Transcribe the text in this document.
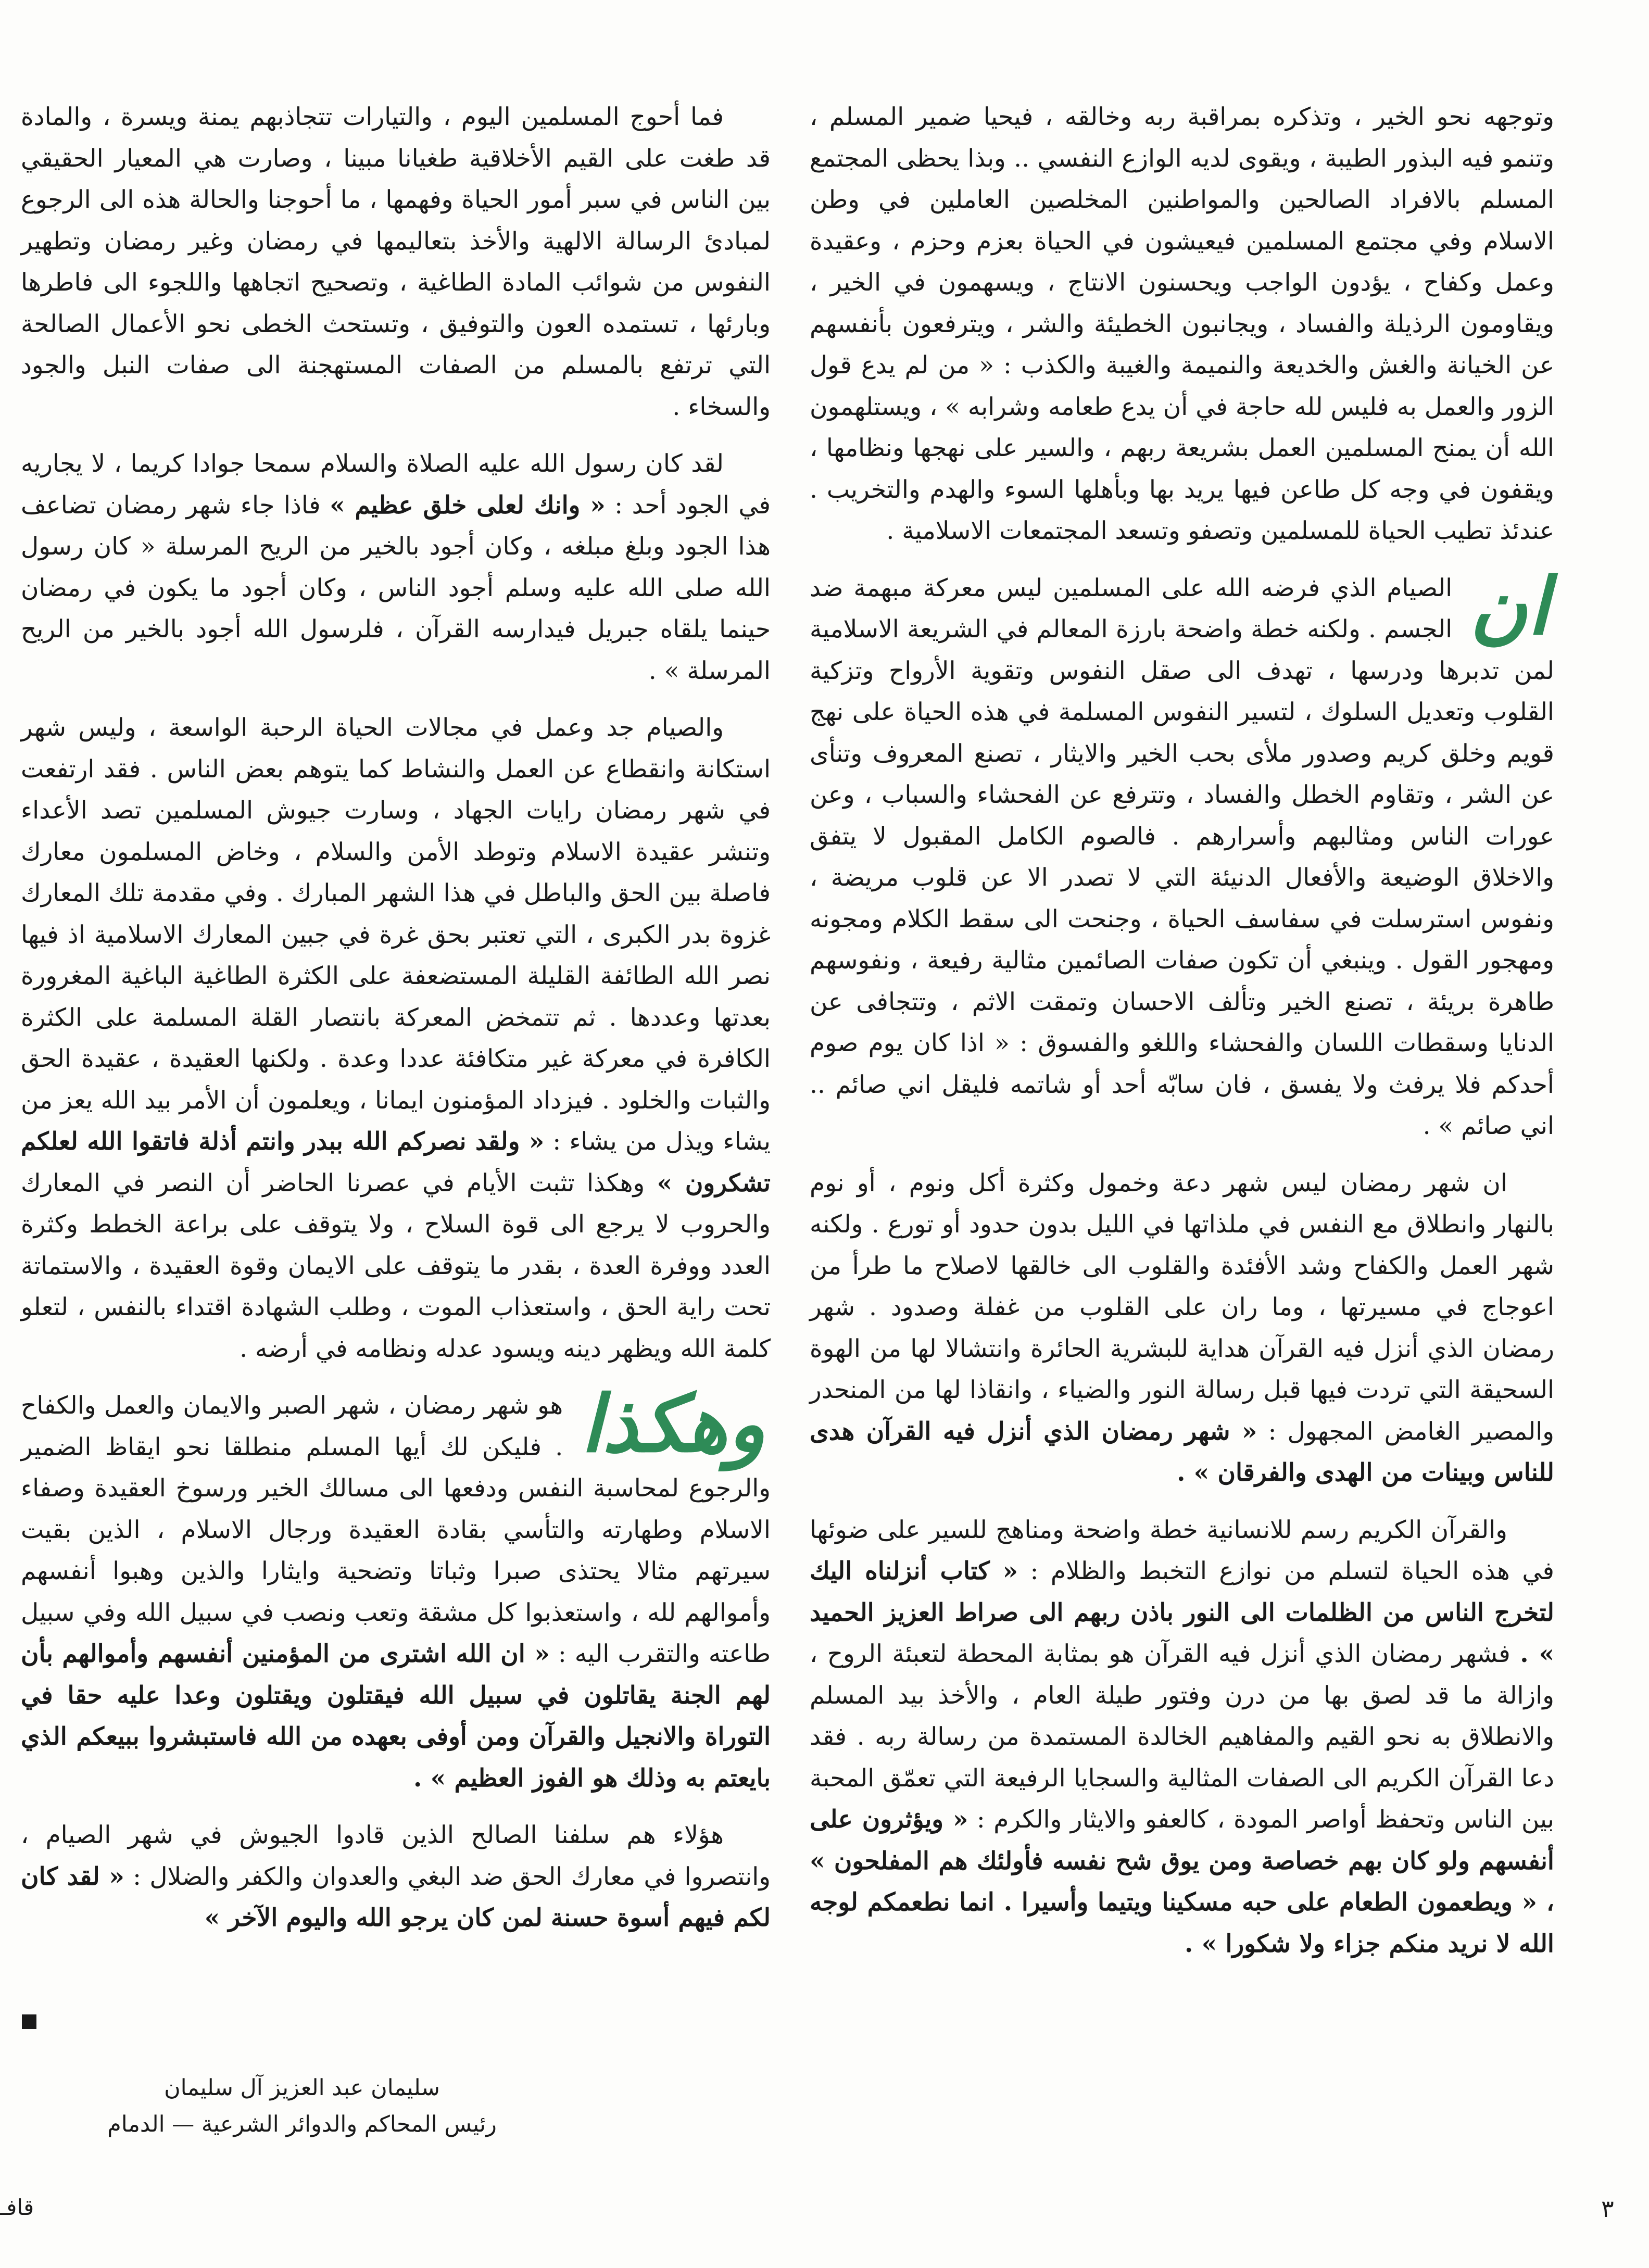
وتوجهه نحو الخير ، وتذكره بمراقبة ربه وخالقه ، فيحيا ضمير المسلم ، وتنمو فيه البذور الطيبة ، ويقوى لديه الوازع النفسي .. وبذا يحظى المجتمع المسلم بالافراد الصالحين والمواطنين المخلصين العاملين في وطن الاسلام وفي مجتمع المسلمين فيعيشون في الحياة بعزم وحزم ، وعقيدة وعمل وكفاح ، يؤدون الواجب ويحسنون الانتاج ، ويسهمون في الخير ، ويقاومون الرذيلة والفساد ، ويجانبون الخطيئة والشر ، ويترفعون بأنفسهم عن الخيانة والغش والخديعة والنميمة والغيبة والكذب : « من لم يدع قول الزور والعمل به فليس لله حاجة في أن يدع طعامه وشرابه » ، ويستلهمون الله أن يمنح المسلمين العمل بشريعة ربهم ، والسير على نهجها ونظامها ، ويقفون في وجه كل طاعن فيها يريد بها وبأهلها السوء والهدم والتخريب . عندئذ تطيب الحياة للمسلمين وتصفو وتسعد المجتمعات الاسلامية .

ان
الصيام الذي فرضه الله على المسلمين ليس معركة مبهمة ضد الجسم . ولكنه خطة واضحة بارزة المعالم في الشريعة الاسلامية لمن تدبرها ودرسها ، تهدف الى صقل النفوس وتقوية الأرواح وتزكية القلوب وتعديل السلوك ، لتسير النفوس المسلمة في هذه الحياة على نهج قويم وخلق كريم وصدور ملأى بحب الخير والايثار ، تصنع المعروف وتنأى عن الشر ، وتقاوم الخطل والفساد ، وتترفع عن الفحشاء والسباب ، وعن عورات الناس ومثالبهم وأسرارهم . فالصوم الكامل المقبول لا يتفق والاخلاق الوضيعة والأفعال الدنيئة التي لا تصدر الا عن قلوب مريضة ، ونفوس استرسلت في سفاسف الحياة ، وجنحت الى سقط الكلام ومجونه ومهجور القول . وينبغي أن تكون صفات الصائمين مثالية رفيعة ، ونفوسهم طاهرة بريئة ، تصنع الخير وتألف الاحسان وتمقت الاثم ، وتتجافى عن الدنايا وسقطات اللسان والفحشاء واللغو والفسوق : « اذا كان يوم صوم أحدكم فلا يرفث ولا يفسق ، فان سابّه أحد أو شاتمه فليقل اني صائم .. اني صائم » .

ان شهر رمضان ليس شهر دعة وخمول وكثرة أكل ونوم ، أو نوم بالنهار وانطلاق مع النفس في ملذاتها في الليل بدون حدود أو تورع . ولكنه شهر العمل والكفاح وشد الأفئدة والقلوب الى خالقها لاصلاح ما طرأ من اعوجاج في مسيرتها ، وما ران على القلوب من غفلة وصدود . شهر رمضان الذي أنزل فيه القرآن هداية للبشرية الحائرة وانتشالا لها من الهوة السحيقة التي تردت فيها قبل رسالة النور والضياء ، وانقاذا لها من المنحدر والمصير الغامض المجهول : « شهر رمضان الذي أنزل فيه القرآن هدى للناس وبينات من الهدى والفرقان » .

والقرآن الكريم رسم للانسانية خطة واضحة ومناهج للسير على ضوئها في هذه الحياة لتسلم من نوازع التخبط والظلام : « كتاب أنزلناه اليك لتخرج الناس من الظلمات الى النور باذن ربهم الى صراط العزيز الحميد » . فشهر رمضان الذي أنزل فيه القرآن هو بمثابة المحطة لتعبئة الروح ، وازالة ما قد لصق بها من درن وفتور طيلة العام ، والأخذ بيد المسلم والانطلاق به نحو القيم والمفاهيم الخالدة المستمدة من رسالة ربه . فقد دعا القرآن الكريم الى الصفات المثالية والسجايا الرفيعة التي تعمّق المحبة بين الناس وتحفظ أواصر المودة ، كالعفو والايثار والكرم : « ويؤثرون على أنفسهم ولو كان بهم خصاصة ومن يوق شح نفسه فأولئك هم المفلحون » ، « ويطعمون الطعام على حبه مسكينا ويتيما وأسيرا . انما نطعمكم لوجه الله لا نريد منكم جزاء ولا شكورا » .

فما أحوج المسلمين اليوم ، والتيارات تتجاذبهم يمنة ويسرة ، والمادة قد طغت على القيم الأخلاقية طغيانا مبينا ، وصارت هي المعيار الحقيقي بين الناس في سبر أمور الحياة وفهمها ، ما أحوجنا والحالة هذه الى الرجوع لمبادئ الرسالة الالهية والأخذ بتعاليمها في رمضان وغير رمضان وتطهير النفوس من شوائب المادة الطاغية ، وتصحيح اتجاهها واللجوء الى فاطرها وبارئها ، تستمده العون والتوفيق ، وتستحث الخطى نحو الأعمال الصالحة التي ترتفع بالمسلم من الصفات المستهجنة الى صفات النبل والجود والسخاء .

لقد كان رسول الله عليه الصلاة والسلام سمحا جوادا كريما ، لا يجاريه في الجود أحد : « وانك لعلى خلق عظيم » فاذا جاء شهر رمضان تضاعف هذا الجود وبلغ مبلغه ، وكان أجود بالخير من الريح المرسلة « كان رسول الله صلى الله عليه وسلم أجود الناس ، وكان أجود ما يكون في رمضان حينما يلقاه جبريل فيدارسه القرآن ، فلرسول الله أجود بالخير من الريح المرسلة » .

والصيام جد وعمل في مجالات الحياة الرحبة الواسعة ، وليس شهر استكانة وانقطاع عن العمل والنشاط كما يتوهم بعض الناس . فقد ارتفعت في شهر رمضان رايات الجهاد ، وسارت جيوش المسلمين تصد الأعداء وتنشر عقيدة الاسلام وتوطد الأمن والسلام ، وخاض المسلمون معارك فاصلة بين الحق والباطل في هذا الشهر المبارك . وفي مقدمة تلك المعارك غزوة بدر الكبرى ، التي تعتبر بحق غرة في جبين المعارك الاسلامية اذ فيها نصر الله الطائفة القليلة المستضعفة على الكثرة الطاغية الباغية المغرورة بعدتها وعددها . ثم تتمخض المعركة بانتصار القلة المسلمة على الكثرة الكافرة في معركة غير متكافئة عددا وعدة . ولكنها العقيدة ، عقيدة الحق والثبات والخلود . فيزداد المؤمنون ايمانا ، ويعلمون أن الأمر بيد الله يعز من يشاء ويذل من يشاء : « ولقد نصركم الله ببدر وانتم أذلة فاتقوا الله لعلكم تشكرون » وهكذا تثبت الأيام في عصرنا الحاضر أن النصر في المعارك والحروب لا يرجع الى قوة السلاح ، ولا يتوقف على براعة الخطط وكثرة العدد ووفرة العدة ، بقدر ما يتوقف على الايمان وقوة العقيدة ، والاستماتة تحت راية الحق ، واستعذاب الموت ، وطلب الشهادة اقتداء بالنفس ، لتعلو كلمة الله ويظهر دينه ويسود عدله ونظامه في أرضه .

وهكذا
هو شهر رمضان ، شهر الصبر والايمان والعمل والكفاح . فليكن لك أيها المسلم منطلقا نحو ايقاظ الضمير والرجوع لمحاسبة النفس ودفعها الى مسالك الخير ورسوخ العقيدة وصفاء الاسلام وطهارته والتأسي بقادة العقيدة ورجال الاسلام ، الذين بقيت سيرتهم مثالا يحتذى صبرا وثباتا وتضحية وايثارا والذين وهبوا أنفسهم وأموالهم لله ، واستعذبوا كل مشقة وتعب ونصب في سبيل الله وفي سبيل طاعته والتقرب اليه : « ان الله اشترى من المؤمنين أنفسهم وأموالهم بأن لهم الجنة يقاتلون في سبيل الله فيقتلون ويقتلون وعدا عليه حقا في التوراة والانجيل والقرآن ومن أوفى بعهده من الله فاستبشروا ببيعكم الذي بايعتم به وذلك هو الفوز العظيم » .

هؤلاء هم سلفنا الصالح الذين قادوا الجيوش في شهر الصيام ، وانتصروا في معارك الحق ضد البغي والعدوان والكفر والضلال : « لقد كان لكم فيهم أسوة حسنة لمن كان يرجو الله واليوم الآخر »

سليمان عبد العزيز آل سليمان
رئيس المحاكم والدوائر الشرعية — الدمام
٣
قافـ
